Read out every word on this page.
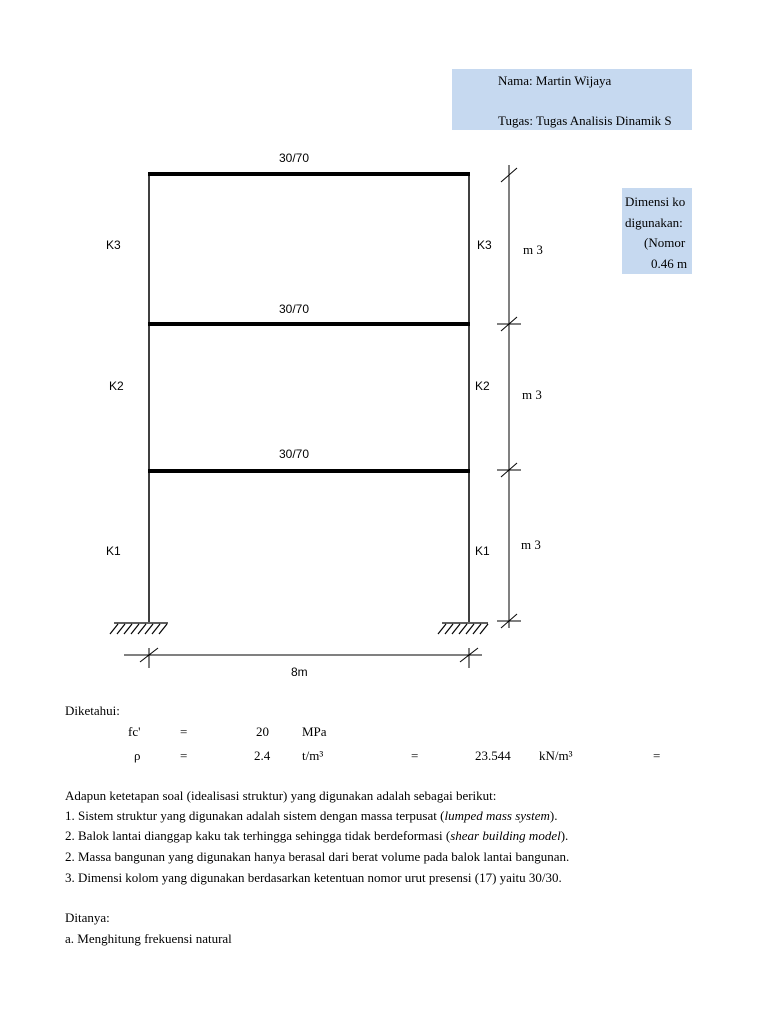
Nama: Martin Wijaya
Tugas: Tugas Analisis Dinamik S
Dimensi ko
digunakan:
(Nomor
0.46 m
30/70
30/70
30/70
K3
K2
K1
K3
K2
K1
m 3
m 3
m 3
8m
Diketahui:
fc'	=	20	MPa
ρ	=	2.4 t/m³	=	23.544 kN/m³	=
Adapun ketetapan soal (idealisasi struktur) yang digunakan adalah sebagai berikut:
1. Sistem struktur yang digunakan adalah sistem dengan massa terpusat (lumped mass system).
2. Balok lantai dianggap kaku tak terhingga sehingga tidak berdeformasi (shear building model).
2. Massa bangunan yang digunakan hanya berasal dari berat volume pada balok lantai bangunan.
3. Dimensi kolom yang digunakan berdasarkan ketentuan nomor urut presensi (17) yaitu 30/30.
Ditanya:
a. Menghitung frekuensi natural
